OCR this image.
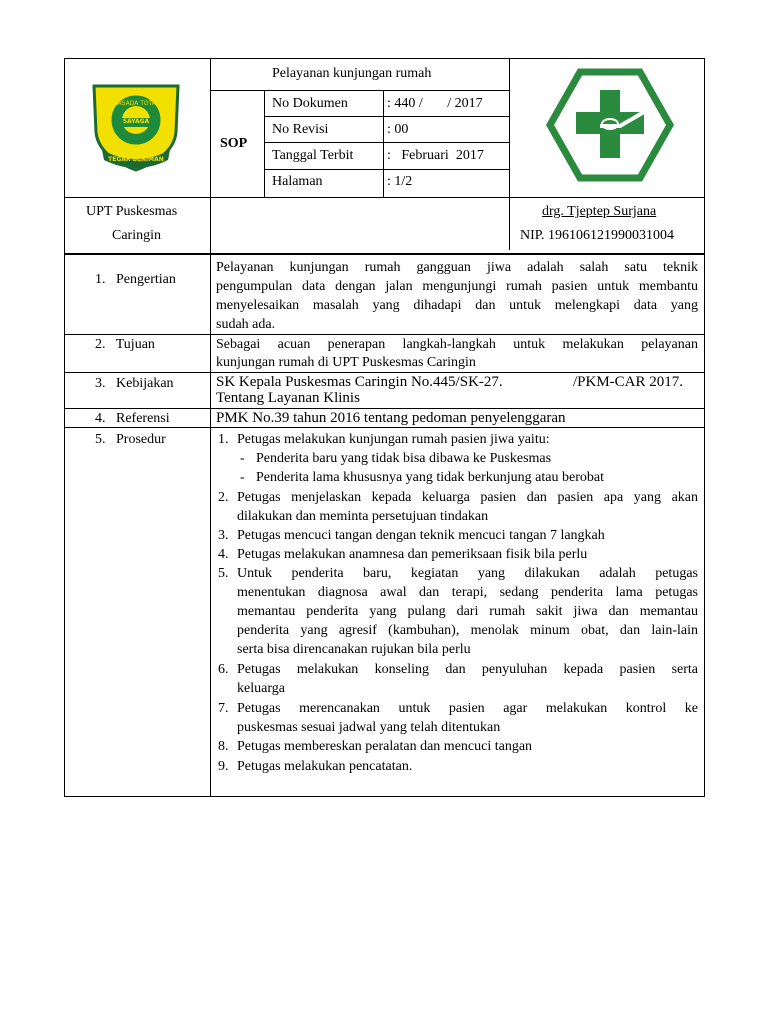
PRASADA TOTAGA
SAYAGA
TEGAR BERIMAN
Pelayanan kunjungan rumah
SOP
No Dokumen	: 440 /       / 2017
No Revisi	: 00
Tanggal Terbit :   Februari  2017
Halaman	: 1/2
UPT Puskesmas
Caringin
drg. Tjeptep Surjana
NIP. 196106121990031004
1.   Pengertian
Pelayanan kunjungan rumah gangguan jiwa adalah salah satu teknik
pengumpulan data dengan jalan mengunjungi rumah pasien untuk membantu
menyelesaikan masalah yang dihadapi dan untuk melengkapi data yang
sudah ada.
2.   Tujuan	Sebagai acuan penerapan langkah-langkah untuk melakukan pelayanan
kunjungan rumah di UPT Puskesmas Caringin
3.   Kebijakan	SK Kepala Puskesmas Caringin No.445/SK-27.	/PKM-CAR 2017.
Tentang Layanan Klinis
4.   Referensi	PMK No.39 tahun 2016 tentang pedoman penyelenggaran
5.   Prosedur	1. Petugas melakukan kunjungan rumah pasien jiwa yaitu:
- Penderita baru yang tidak bisa dibawa ke Puskesmas
- Penderita lama khususnya yang tidak berkunjung atau berobat
2. Petugas menjelaskan kepada keluarga pasien dan pasien apa yang akan
dilakukan dan meminta persetujuan tindakan
3. Petugas mencuci tangan dengan teknik mencuci tangan 7 langkah
4. Petugas melakukan anamnesa dan pemeriksaan fisik bila perlu
5. Untuk penderita baru, kegiatan yang dilakukan adalah petugas
menentukan diagnosa awal dan terapi, sedang penderita lama petugas
memantau penderita yang pulang dari rumah sakit jiwa dan memantau
penderita yang agresif (kambuhan), menolak minum obat, dan lain-lain
serta bisa direncanakan rujukan bila perlu
6. Petugas melakukan konseling dan penyuluhan kepada pasien serta
keluarga
7. Petugas merencanakan untuk pasien agar melakukan kontrol ke
puskesmas sesuai jadwal yang telah ditentukan
8. Petugas membereskan peralatan dan mencuci tangan
9. Petugas melakukan pencatatan.
